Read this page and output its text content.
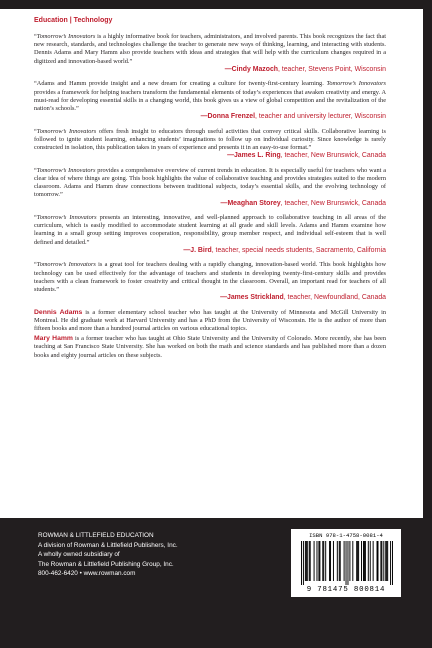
Education | Technology

“Tomorrow’s Innovators is a highly informative book for teachers, administrators, and involved parents. This book recognizes the fact that new research, standards, and technologies challenge the teacher to generate new ways of thinking, learning, and interacting with students. Dennis Adams and Mary Hamm also provide teachers with ideas and strategies that will help with the curriculum changes required in a digitized and innovation-based world.”

—Cindy Mazoch, teacher, Stevens Point, Wisconsin

“Adams and Hamm provide insight and a new dream for creating a culture for twenty-first-century learning. Tomorrow’s Innovators provides a framework for helping teachers transform the fundamental elements of today’s experiences that awaken creativity and energy. A must-read for developing essential skills in a changing world, this book gives us a view of global competition and the revitalization of the nation’s schools.”

—Donna Frenzel, teacher and university lecturer, Wisconsin

“Tomorrow’s Innovators offers fresh insight to educators through useful activities that convey critical skills. Collaborative learning is followed to ignite student learning, enhancing students’ imaginations to follow up on individual curiosity. Since knowledge is rarely constructed in isolation, this publication takes in years of experience and presents it in an easy-to-use format.”

—James L. Ring, teacher, New Brunswick, Canada

“Tomorrow’s Innovators provides a comprehensive overview of current trends in education. It is especially useful for teachers who want a clear idea of where things are going. This book highlights the value of collaborative teaching and provides strategies suited to the modern classroom. Adams and Hamm draw connections between traditional subjects, today’s essential skills, and the evolving technology of tomorrow.”

—Meaghan Storey, teacher, New Brunswick, Canada

“Tomorrow’s Innovators presents an interesting, innovative, and well-planned approach to collaborative teaching in all areas of the curriculum, which is easily modified to accommodate student learning at all grade and skill levels. Adams and Hamm examine how learning in a small group setting improves cooperation, responsibility, group member respect, and individual self-esteem that is well defined and detailed.”

—J. Bird, teacher, special needs students, Sacramento, California

“Tomorrow’s Innovators is a great tool for teachers dealing with a rapidly changing, innovation-based world. This book highlights how technology can be used effectively for the advantage of teachers and students in developing twenty-first-century skills and provides teachers with a clean framework to foster creativity and critical thought in the classroom. Overall, an important read for teachers of all students.”

—James Strickland, teacher, Newfoundland, Canada

Dennis Adams is a former elementary school teacher who has taught at the University of Minnesota and McGill University in Montreal. He did graduate work at Harvard University and has a PhD from the University of Wisconsin. He is the author of more than fifteen books and more than a hundred journal articles on various educational topics.

Mary Hamm is a former teacher who has taught at Ohio State University and the University of Colorado. More recently, she has been teaching at San Francisco State University. She has worked on both the math and science standards and has published more than a dozen books and eighty journal articles on these subjects.

ROWMAN & LITTLEFIELD EDUCATION
A division of Rowman & Littlefield Publishers, Inc.
A wholly owned subsidiary of
The Rowman & Littlefield Publishing Group, Inc.
800-462-6420 • www.rowman.com
ISBN 978-1-4758-0081-4
9 781475 800814
